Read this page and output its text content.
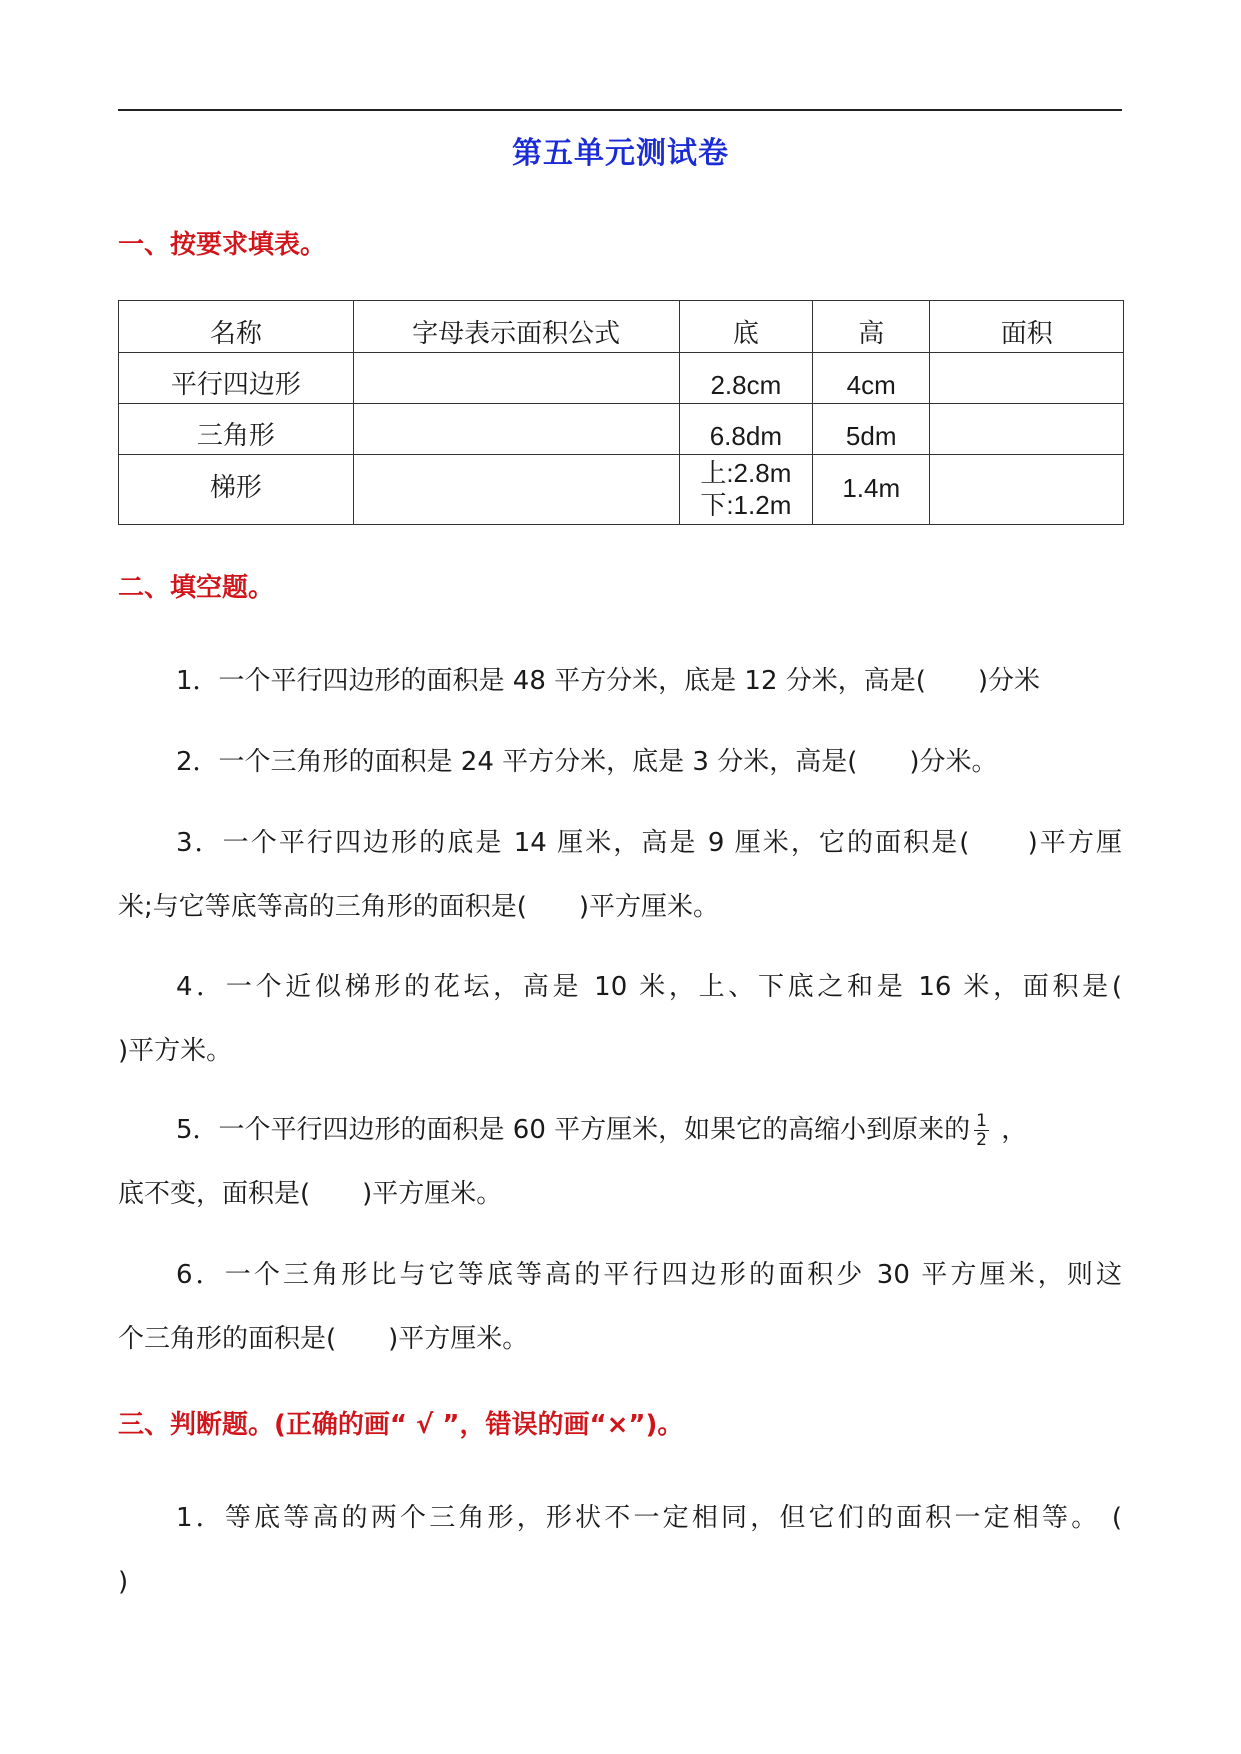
第五单元测试卷
一、按要求填表。
名称	字母表示面积公式	底	高	面积
平行四边形		2.8cm	4cm	
三角形		6.8dm	5dm	
梯形		上:2.8m
下:1.2m	1.4m	
二、填空题。
1．一个平行四边形的面积是 48 平方分米，底是 12 分米，高是(　　)分米
2．一个三角形的面积是 24 平方分米，底是 3 分米，高是(　　)分米。
3．一个平行四边形的底是 14 厘米，高是 9 厘米，它的面积是(　　)平方厘
米;与它等底等高的三角形的面积是(　　)平方厘米。
4．一个近似梯形的花坛，高是 10 米，上、下底之和是 16 米，面积是(
)平方米。
5．一个平行四边形的面积是 60 平方厘米，如果它的高缩小到原来的 $\frac{1}{2}$ ，
底不变，面积是(　　)平方厘米。
6．一个三角形比与它等底等高的平行四边形的面积少 30 平方厘米，则这
个三角形的面积是(　　)平方厘米。
三、判断题。(正确的画“ √ ”，错误的画“×”)。
1．等底等高的两个三角形，形状不一定相同，但它们的面积一定相等。 (
)
